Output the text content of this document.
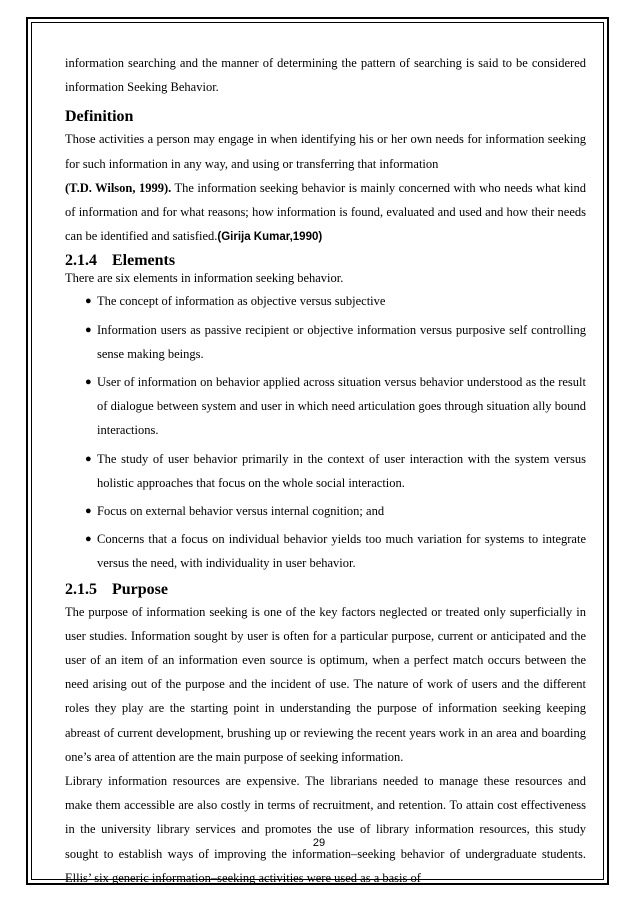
information searching and the manner of determining the pattern of searching is said to be considered information Seeking Behavior.

Definition

Those activities a person may engage in when identifying his or her own needs for information seeking for such information in any way, and using or transferring that information
(T.D. Wilson, 1999). The information seeking behavior is mainly concerned with who needs what kind of information and for what reasons; how information is found, evaluated and used and how their needs can be identified and satisfied.(Girija Kumar,1990)

2.1.4 Elements

There are six elements in information seeking behavior.

● The concept of information as objective versus subjective
● Information users as passive recipient or objective information versus purposive self controlling sense making beings.
● User of information on behavior applied across situation versus behavior understood as the result of dialogue between system and user in which need articulation goes through situation ally bound interactions.
● The study of user behavior primarily in the context of user interaction with the system versus holistic approaches that focus on the whole social interaction.
● Focus on external behavior versus internal cognition; and
● Concerns that a focus on individual behavior yields too much variation for systems to integrate versus the need, with individuality in user behavior.
2.1.5 Purpose

The purpose of information seeking is one of the key factors neglected or treated only superficially in user studies. Information sought by user is often for a particular purpose, current or anticipated and the user of an item of an information even source is optimum, when a perfect match occurs between the need arising out of the purpose and the incident of use. The nature of work of users and the different roles they play are the starting point in understanding the purpose of information seeking keeping abreast of current development, brushing up or reviewing the recent years work in an area and boarding one’s area of attention are the main purpose of seeking information.

Library information resources are expensive. The librarians needed to manage these resources and make them accessible are also costly in terms of recruitment, and retention. To attain cost effectiveness in the university library services and promotes the use of library information resources, this study sought to establish ways of improving the information–seeking behavior of undergraduate students. Ellis’ six generic information–seeking activities were used as a basis of

29
